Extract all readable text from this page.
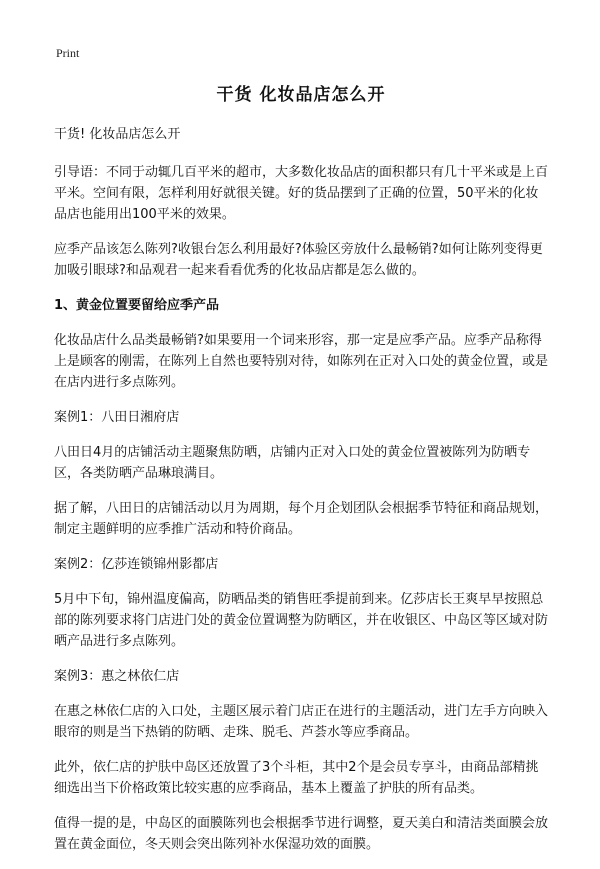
Print
干货 化妆品店怎么开
干货! 化妆品店怎么开

引导语：不同于动辄几百平米的超市，大多数化妆品店的面积都只有几十平米或是上百平米。空间有限，怎样利用好就很关键。好的货品摆到了正确的位置，50平米的化妆品店也能用出100平米的效果。

应季产品该怎么陈列?收银台怎么利用最好?体验区旁放什么最畅销?如何让陈列变得更加吸引眼球?和品观君一起来看看优秀的化妆品店都是怎么做的。

1、黄金位置要留给应季产品

化妆品店什么品类最畅销?如果要用一个词来形容，那一定是应季产品。应季产品称得上是顾客的刚需，在陈列上自然也要特别对待，如陈列在正对入口处的黄金位置，或是在店内进行多点陈列。

案例1：八田日湘府店

八田日4月的店铺活动主题聚焦防晒，店铺内正对入口处的黄金位置被陈列为防晒专区，各类防晒产品琳琅满目。

据了解，八田日的店铺活动以月为周期，每个月企划团队会根据季节特征和商品规划，制定主题鲜明的应季推广活动和特价商品。

案例2：亿莎连锁锦州影都店

5月中下旬，锦州温度偏高，防晒品类的销售旺季提前到来。亿莎店长王爽早早按照总部的陈列要求将门店进门处的黄金位置调整为防晒区，并在收银区、中岛区等区域对防晒产品进行多点陈列。

案例3：惠之林依仁店

在惠之林依仁店的入口处，主题区展示着门店正在进行的主题活动，进门左手方向映入眼帘的则是当下热销的防晒、走珠、脱毛、芦荟水等应季商品。

此外，依仁店的护肤中岛区还放置了3个斗柜，其中2个是会员专享斗，由商品部精挑细选出当下价格政策比较实惠的应季商品，基本上覆盖了护肤的所有品类。

值得一提的是，中岛区的面膜陈列也会根据季节进行调整，夏天美白和清洁类面膜会放置在黄金面位，冬天则会突出陈列补水保湿功效的面膜。
